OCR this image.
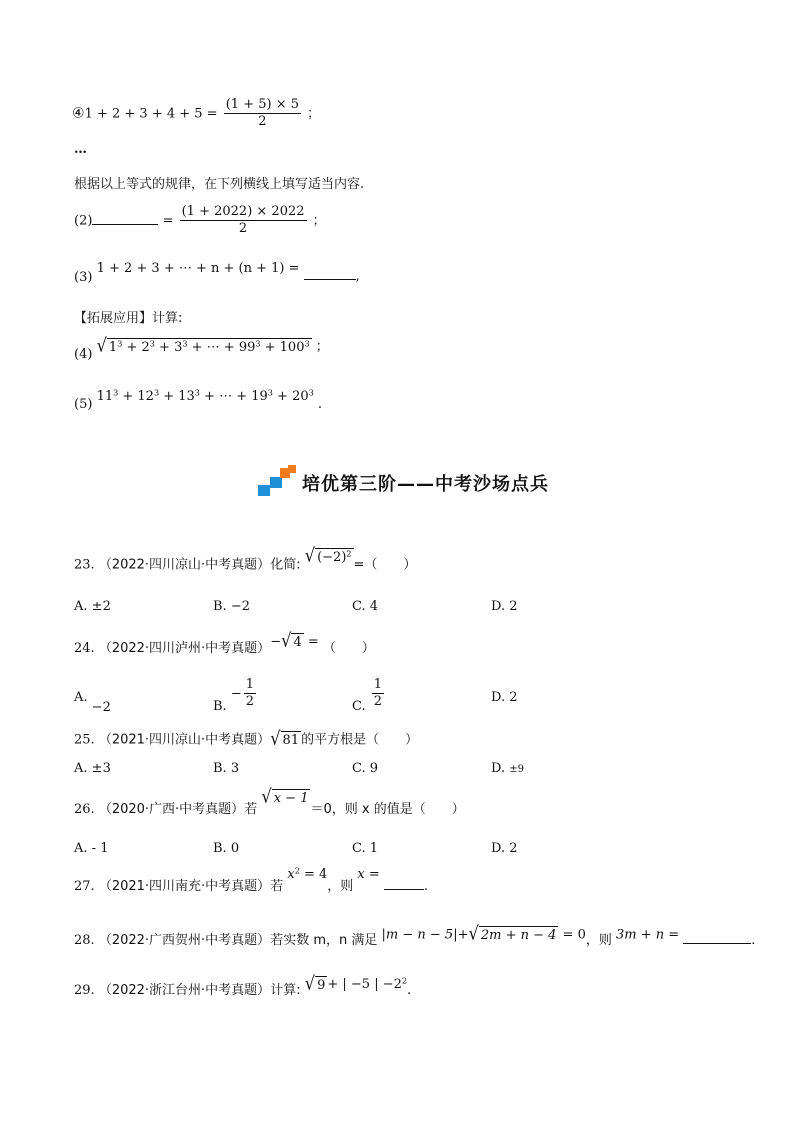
④1 + $2 + 3 + 4 + 5 = \frac{(1 + 5) \times 5}{2}$ ；
…
根据以上等式的规律，在下列横线上填写适当内容.
(2)	= $\frac{(1 + 2022) \times 2022}{2}$ ；
(3) 1 + 2 + 3 + ⋯ + n + (n + 1) = ,
【拓展应用】计算:
(4) √ $1^3 + 2^3 + 3^3$ + ⋯ + $99^3 + 100^3$ ；
(5) $11^3 + 12^3 + 13^3$ + ⋯ + $19^3 + 20^3$ .
培优第三阶——中考沙场点兵
23. （2022·四川凉山·中考真题）化简: √ $(-2)^2$
=（　　）
A. ±2	B. −2	C. 4	D. 2
24. （2022·四川泸州·中考真题）− √ 4 = （　　）
A. −2	B. − $\frac{1}{2}$	C. $\frac{1}{2}$	D. 2
25. （2021·四川凉山·中考真题） √ 81 的平方根是（　　）
A. ±3	B. 3	C. 9	D. ±9
26. （2020·广西·中考真题）若
√ x − 1
＝0，则 x 的值是（　　）
A. - 1	B. 0	C. 1	D. 2
27. （2021·四川南充·中考真题）若 $x^2 = 4$，则 x = .
28. （2022·广西贺州·中考真题）若实数 m，n 满足 |m − n − 5|+ √ 2m + n − 4 = 0，则 3m + n =	.
29. （2022·浙江台州·中考真题）计算: √ 9 + | −5 | $-2^2$.
